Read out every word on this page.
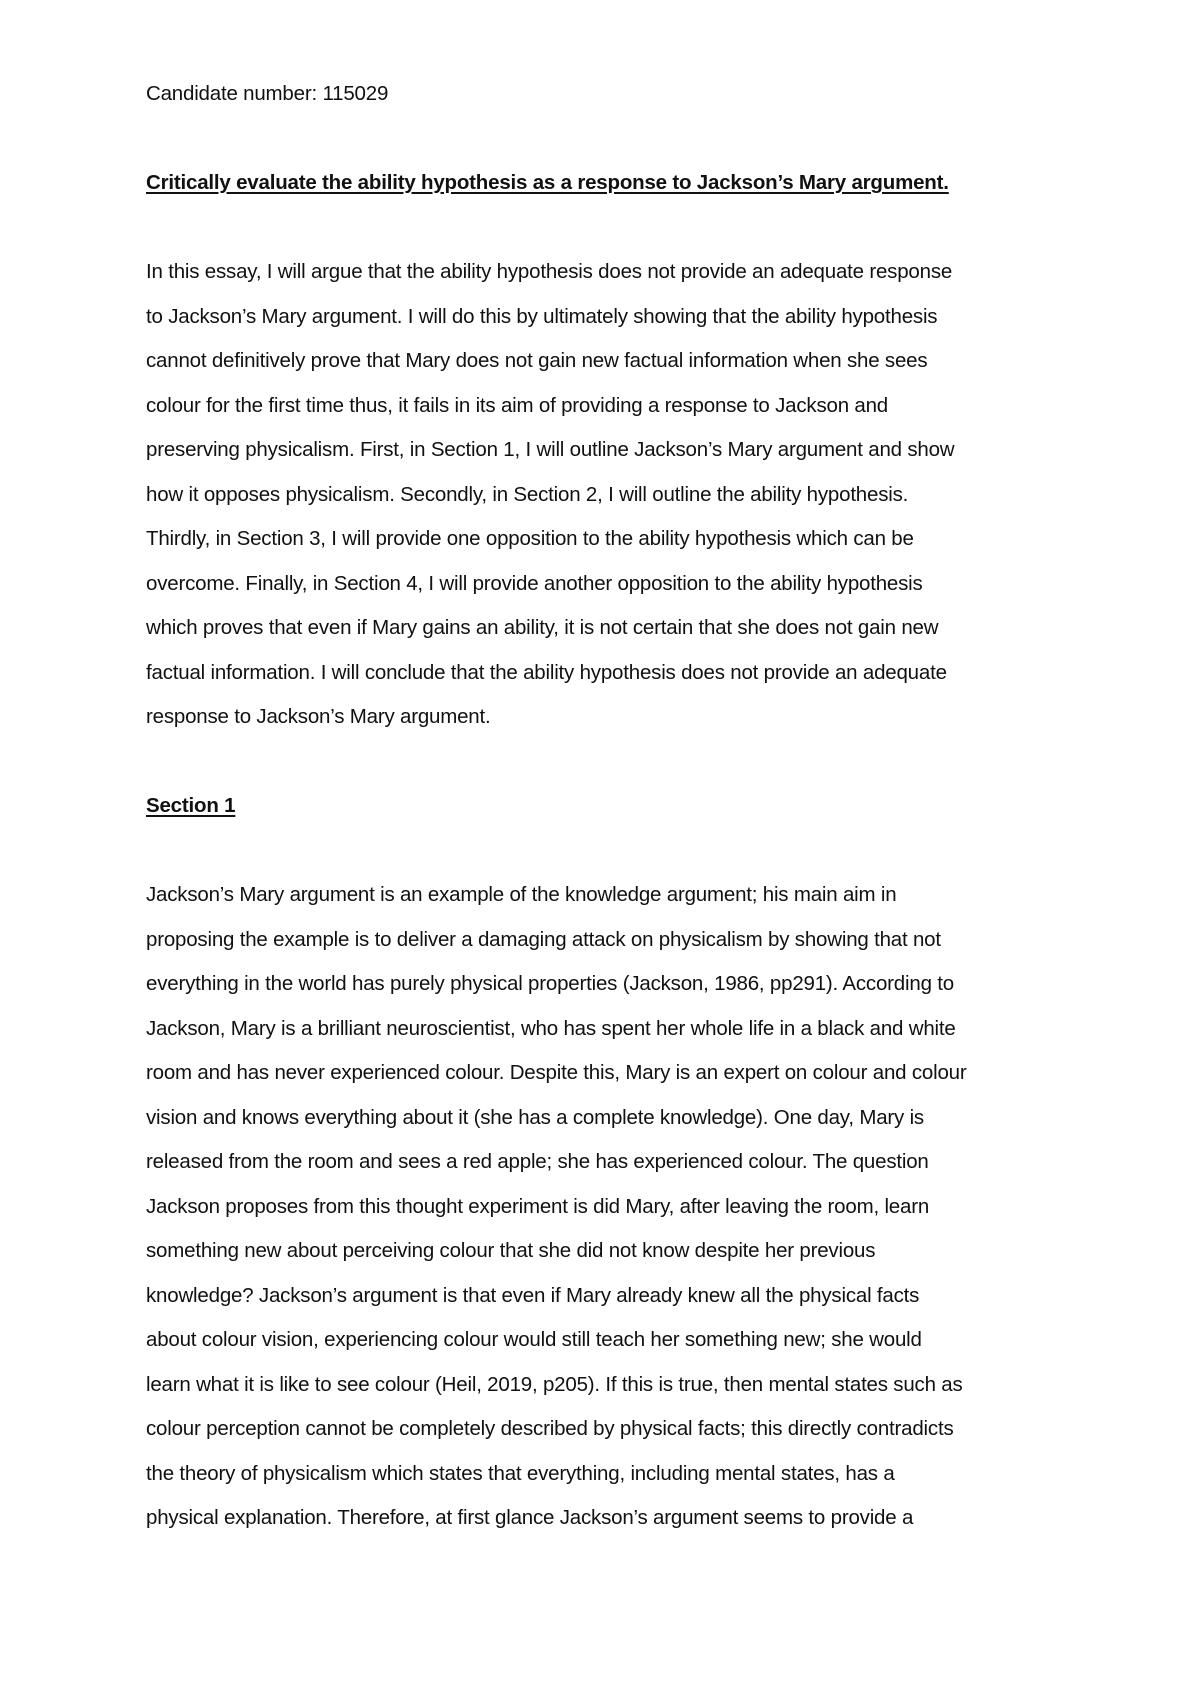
Candidate number: 115029
Critically evaluate the ability hypothesis as a response to Jackson’s Mary argument.
In this essay, I will argue that the ability hypothesis does not provide an adequate response
to Jackson’s Mary argument. I will do this by ultimately showing that the ability hypothesis
cannot definitively prove that Mary does not gain new factual information when she sees
colour for the first time thus, it fails in its aim of providing a response to Jackson and
preserving physicalism. First, in Section 1, I will outline Jackson’s Mary argument and show
how it opposes physicalism. Secondly, in Section 2, I will outline the ability hypothesis.
Thirdly, in Section 3, I will provide one opposition to the ability hypothesis which can be
overcome. Finally, in Section 4, I will provide another opposition to the ability hypothesis
which proves that even if Mary gains an ability, it is not certain that she does not gain new
factual information. I will conclude that the ability hypothesis does not provide an adequate
response to Jackson’s Mary argument.
Section 1
Jackson’s Mary argument is an example of the knowledge argument; his main aim in
proposing the example is to deliver a damaging attack on physicalism by showing that not
everything in the world has purely physical properties (Jackson, 1986, pp291). According to
Jackson, Mary is a brilliant neuroscientist, who has spent her whole life in a black and white
room and has never experienced colour. Despite this, Mary is an expert on colour and colour
vision and knows everything about it (she has a complete knowledge). One day, Mary is
released from the room and sees a red apple; she has experienced colour. The question
Jackson proposes from this thought experiment is did Mary, after leaving the room, learn
something new about perceiving colour that she did not know despite her previous
knowledge? Jackson’s argument is that even if Mary already knew all the physical facts
about colour vision, experiencing colour would still teach her something new; she would
learn what it is like to see colour (Heil, 2019, p205). If this is true, then mental states such as
colour perception cannot be completely described by physical facts; this directly contradicts
the theory of physicalism which states that everything, including mental states, has a
physical explanation. Therefore, at first glance Jackson’s argument seems to provide a
